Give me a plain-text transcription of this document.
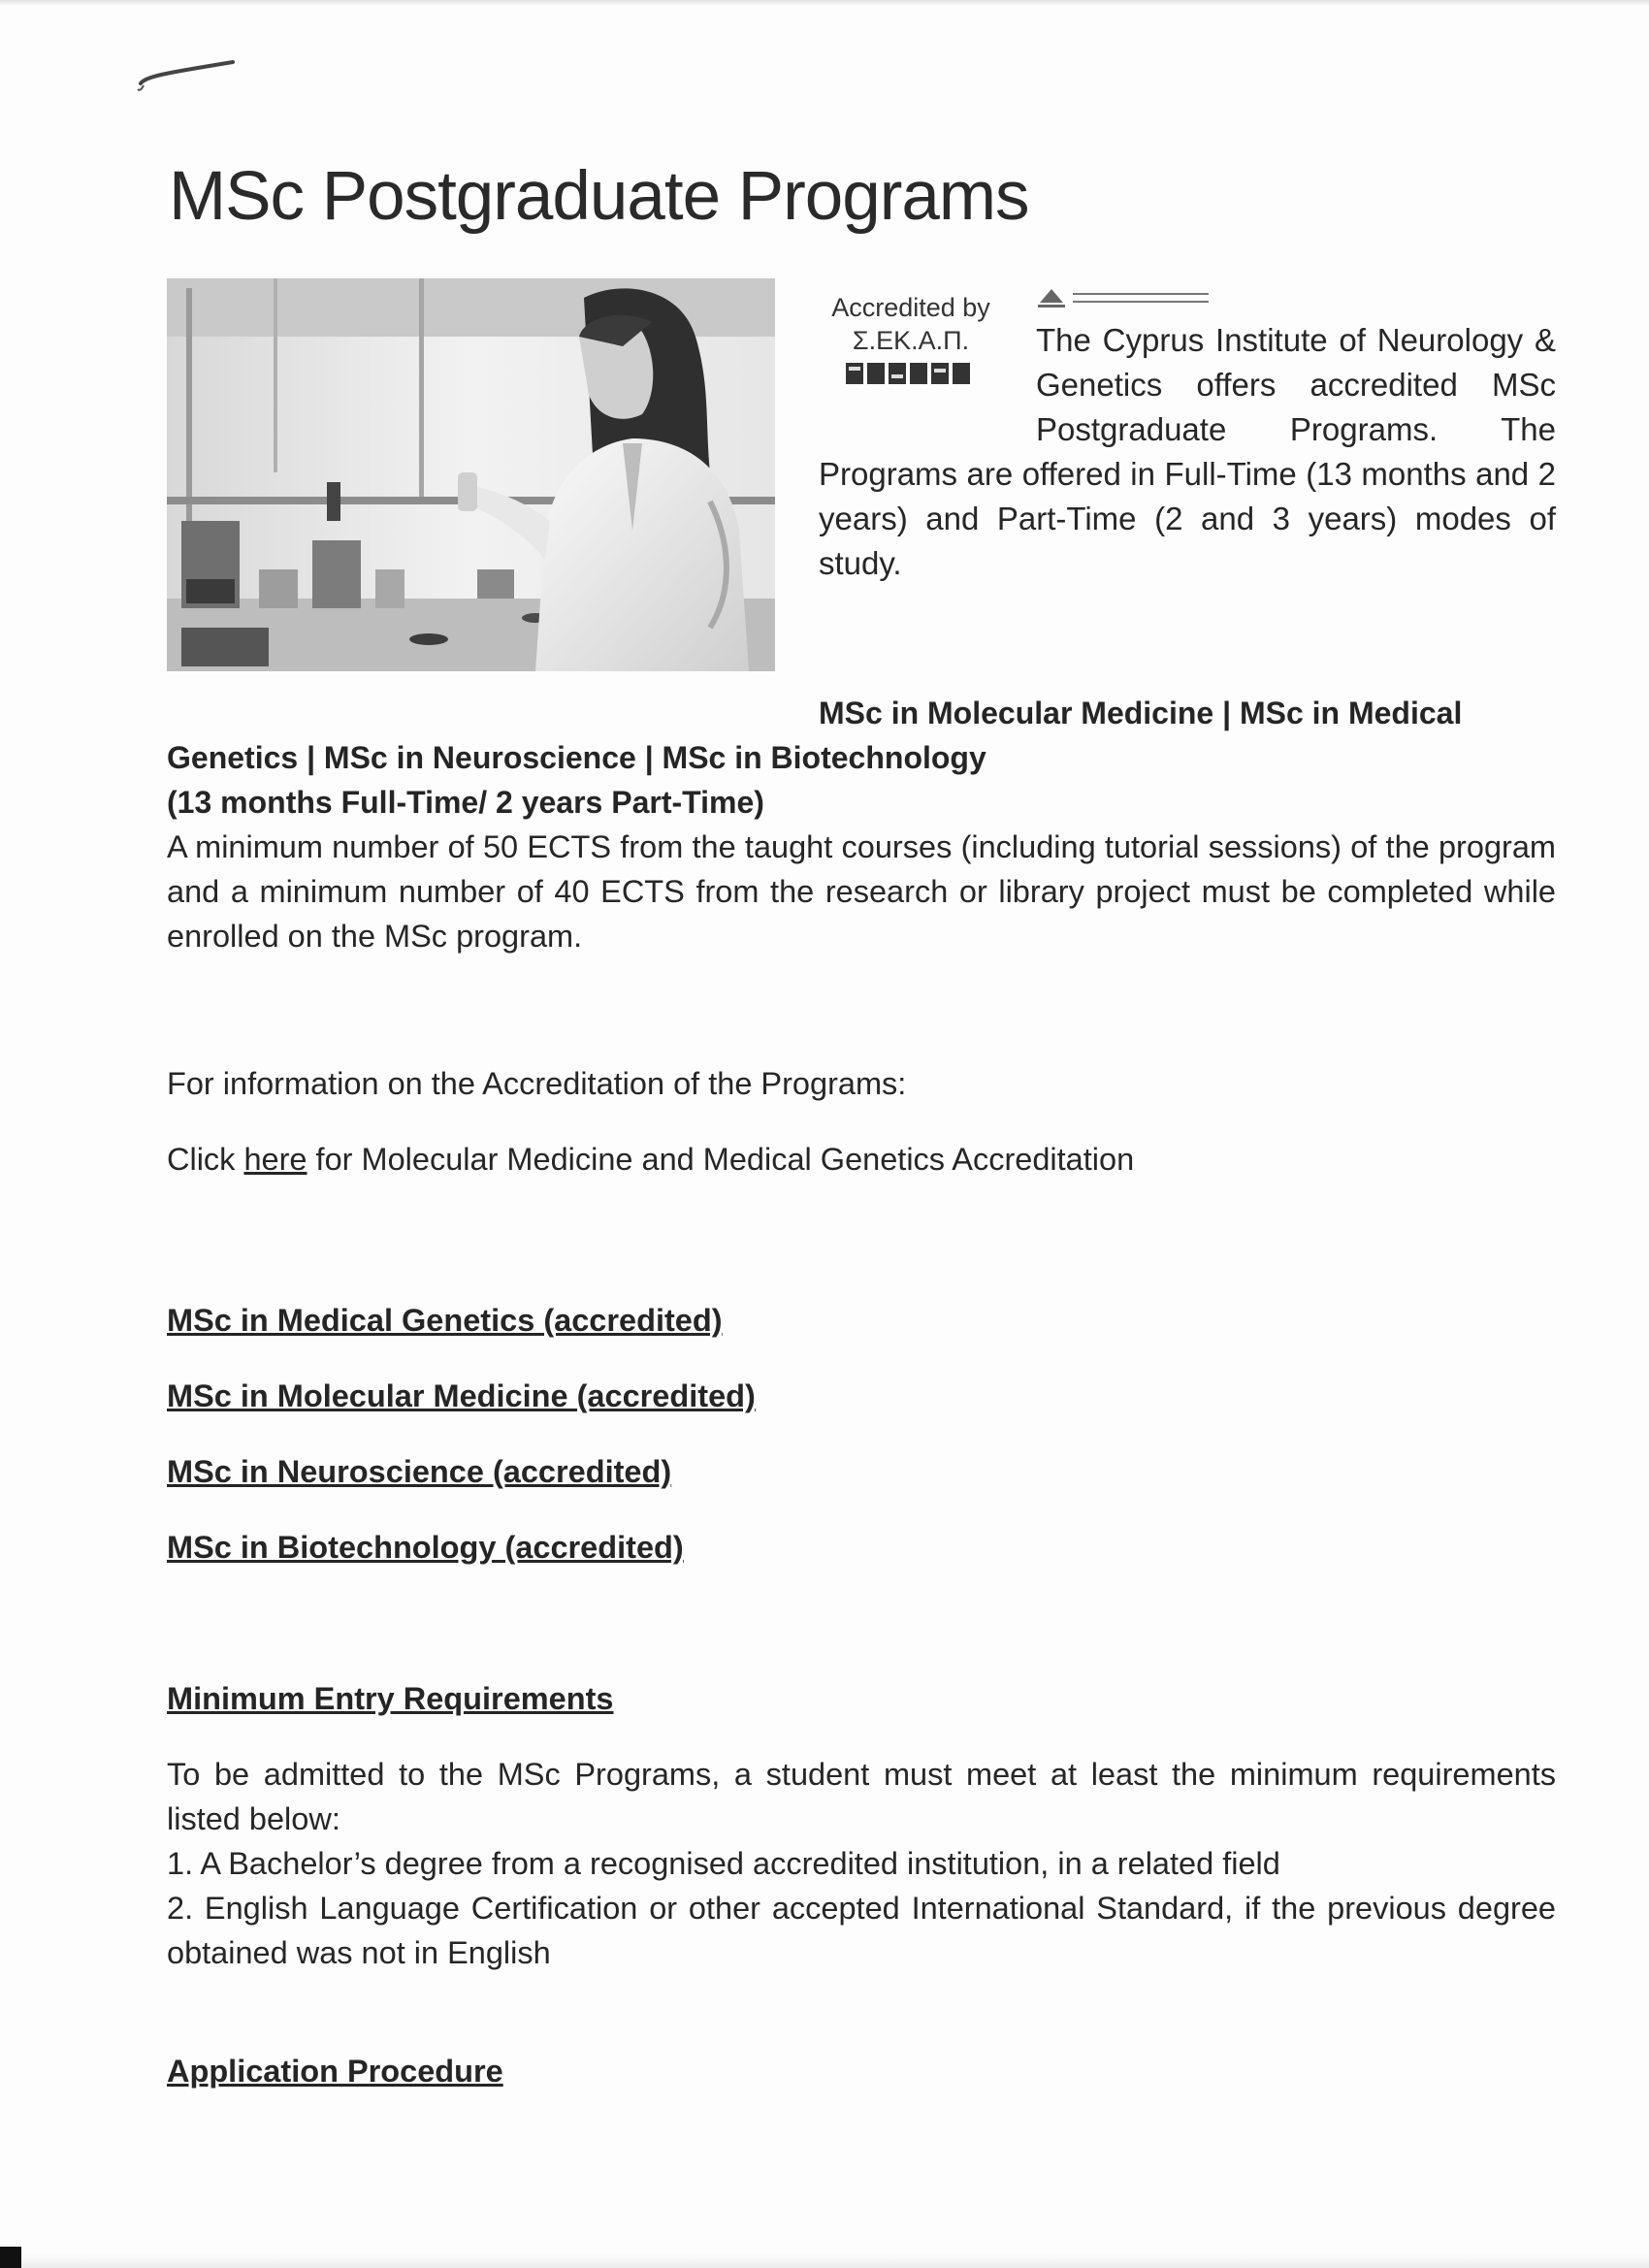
MSc Postgraduate Programs
Accredited by
Σ.ΕΚ.Α.Π.	The Cyprus Institute of Neurology & Genetics offers accredited MSc Postgraduate Programs. The Programs are offered in Full-Time (13 months and 2 years) and Part-Time (2 and 3 years) modes of study.

MSc in Molecular Medicine | MSc in Medical Genetics | MSc in Neuroscience | MSc in Biotechnology
(13 months Full-Time/ 2 years Part-Time)

A minimum number of 50 ECTS from the taught courses (including tutorial sessions) of the program and a minimum number of 40 ECTS from the research or library project must be completed while enrolled on the MSc program.

For information on the Accreditation of the Programs:

Click here for Molecular Medicine and Medical Genetics Accreditation

MSc in Medical Genetics (accredited)

MSc in Molecular Medicine (accredited)

MSc in Neuroscience (accredited)

MSc in Biotechnology (accredited)

Minimum Entry Requirements

To be admitted to the MSc Programs, a student must meet at least the minimum requirements listed below:

1. A Bachelor’s degree from a recognised accredited institution, in a related field

2. English Language Certification or other accepted International Standard, if the previous degree obtained was not in English

Application Procedure
